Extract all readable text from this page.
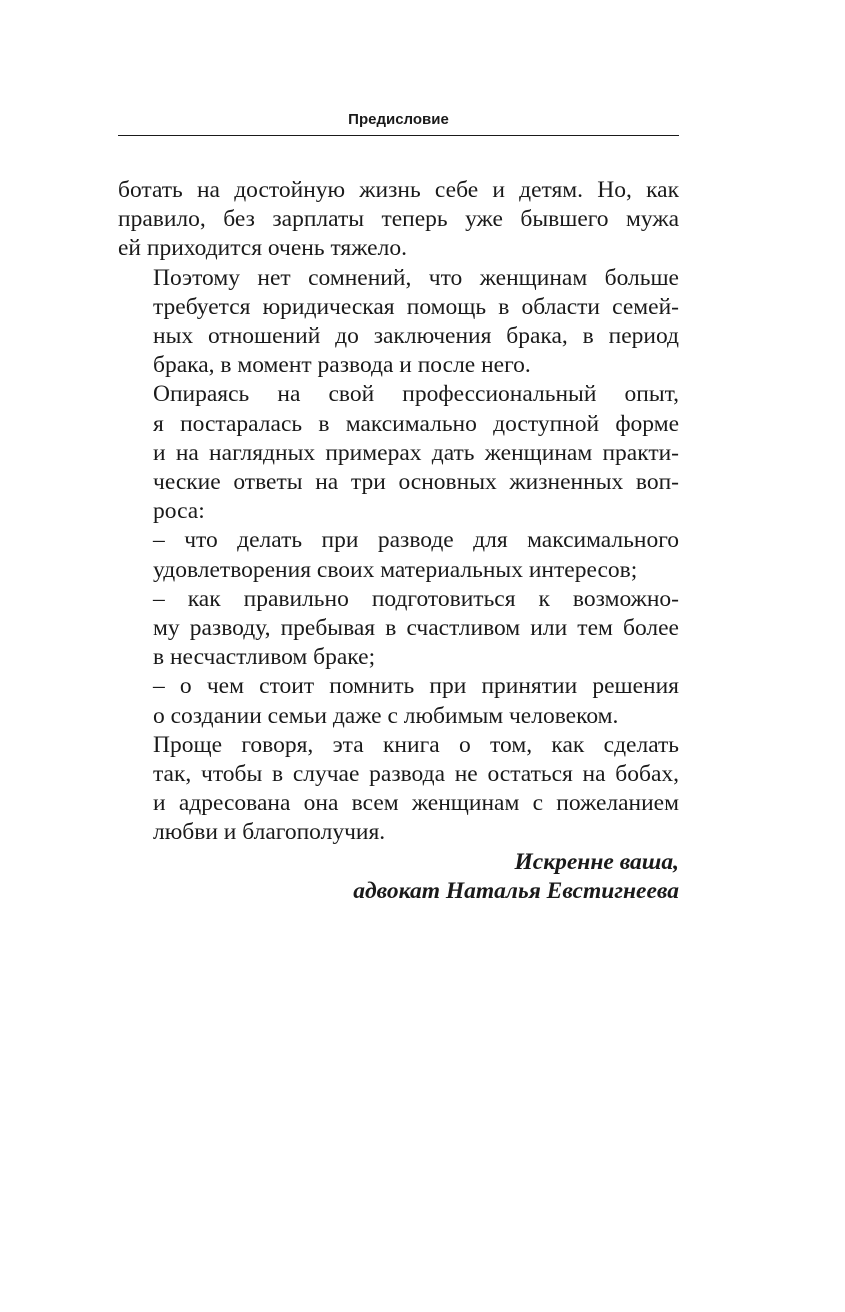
Предисловие
ботать на достойную жизнь себе и детям. Но, как
правило, без зарплаты теперь уже бывшего мужа
ей приходится очень тяжело.
Поэтому нет сомнений, что женщинам больше
требуется юридическая помощь в области семей-
ных отношений до заключения брака, в период
брака, в момент развода и после него.
Опираясь на свой профессиональный опыт,
я постаралась в максимально доступной форме
и на наглядных примерах дать женщинам практи-
ческие ответы на три основных жизненных воп-
роса:
– что делать при разводе для максимального
удовлетворения своих материальных интересов;
– как правильно подготовиться к возможно-
му разводу, пребывая в счастливом или тем более
в несчастливом браке;
– о чем стоит помнить при принятии решения
о создании семьи даже с любимым человеком.
Проще говоря, эта книга о том, как сделать
так, чтобы в случае развода не остаться на бобах,
и адресована она всем женщинам с пожеланием
любви и благополучия.
Искренне ваша,
адвокат Наталья Евстигнеева
